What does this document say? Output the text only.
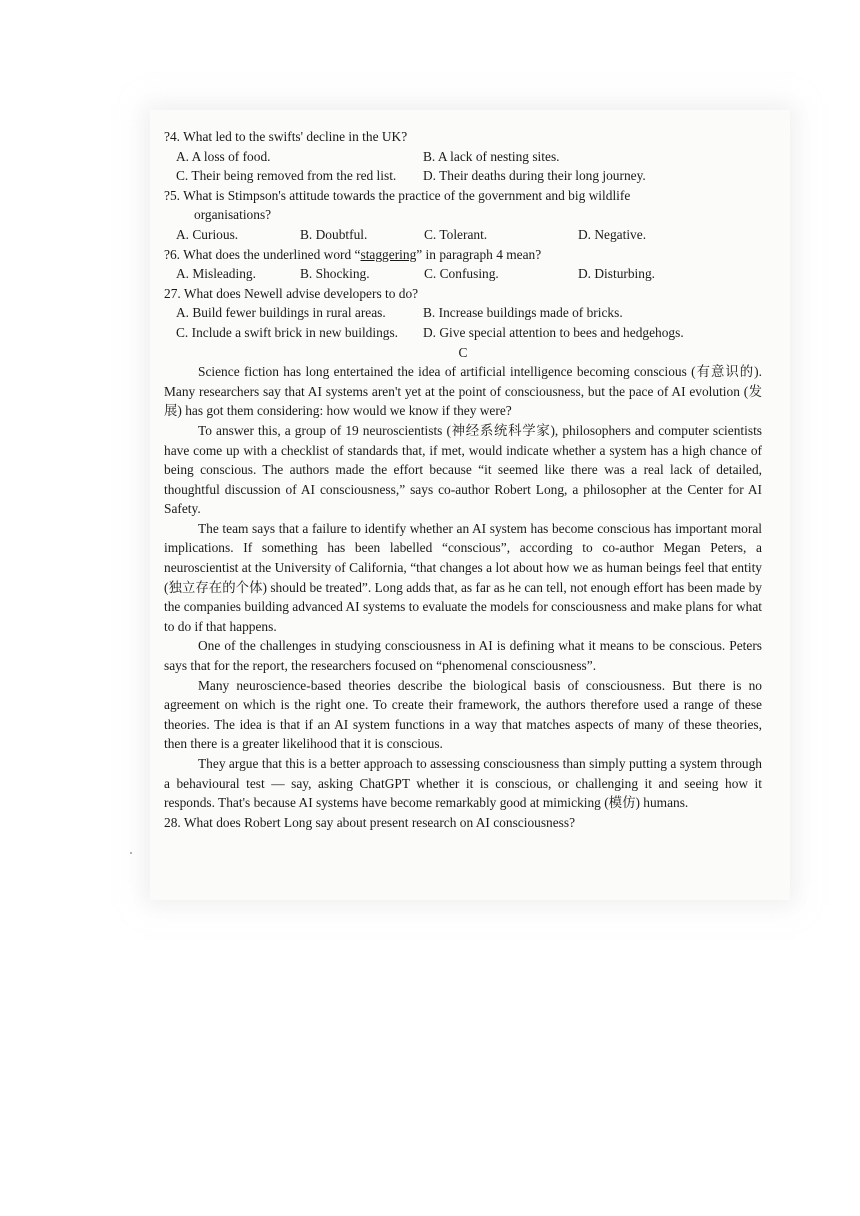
?4. What led to the swifts' decline in the UK?
A. A loss of food.	B. A lack of nesting sites.
C. Their being removed from the red list.	D. Their deaths during their long journey.
?5. What is Stimpson's attitude towards the practice of the government and big wildlife
organisations?
A. Curious.	B. Doubtful.	C. Tolerant.	D. Negative.
?6. What does the underlined word “staggering” in paragraph 4 mean?
A. Misleading.	B. Shocking.	C. Confusing.	D. Disturbing.
27. What does Newell advise developers to do?
A. Build fewer buildings in rural areas.	B. Increase buildings made of bricks.
C. Include a swift brick in new buildings.	D. Give special attention to bees and hedgehogs.
C

Science fiction has long entertained the idea of artificial intelligence becoming conscious (有意识的). Many researchers say that AI systems aren't yet at the point of consciousness, but the pace of AI evolution (发展) has got them considering: how would we know if they were?

To answer this, a group of 19 neuroscientists (神经系统科学家), philosophers and computer scientists have come up with a checklist of standards that, if met, would indicate whether a system has a high chance of being conscious. The authors made the effort because “it seemed like there was a real lack of detailed, thoughtful discussion of AI consciousness,” says co-author Robert Long, a philosopher at the Center for AI Safety.

The team says that a failure to identify whether an AI system has become conscious has important moral implications. If something has been labelled “conscious”, according to co-author Megan Peters, a neuroscientist at the University of California, “that changes a lot about how we as human beings feel that entity (独立存在的个体) should be treated”. Long adds that, as far as he can tell, not enough effort has been made by the companies building advanced AI systems to evaluate the models for consciousness and make plans for what to do if that happens.

One of the challenges in studying consciousness in AI is defining what it means to be conscious. Peters says that for the report, the researchers focused on “phenomenal consciousness”.

Many neuroscience-based theories describe the biological basis of consciousness. But there is no agreement on which is the right one. To create their framework, the authors therefore used a range of these theories. The idea is that if an AI system functions in a way that matches aspects of many of these theories, then there is a greater likelihood that it is conscious.

They argue that this is a better approach to assessing consciousness than simply putting a system through a behavioural test — say, asking ChatGPT whether it is conscious, or challenging it and seeing how it responds. That's because AI systems have become remarkably good at mimicking (模仿) humans.

28. What does Robert Long say about present research on AI consciousness?
